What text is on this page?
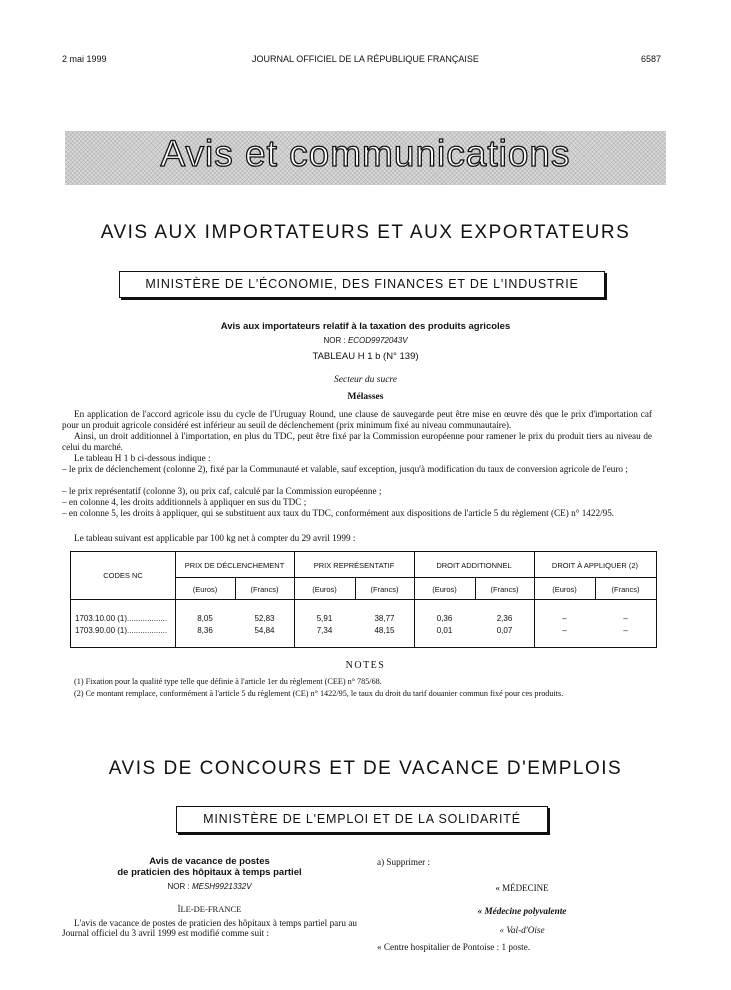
2 mai 1999	JOURNAL OFFICIEL DE LA RÉPUBLIQUE FRANÇAISE	6587
Avis et communications
AVIS AUX IMPORTATEURS ET AUX EXPORTATEURS
MINISTÈRE DE L'ÉCONOMIE, DES FINANCES ET DE L'INDUSTRIE
Avis aux importateurs relatif à la taxation des produits agricoles
NOR : ECOD9972043V
TABLEAU H 1 b (N° 139)
Secteur du sucre
Mélasses
En application de l'accord agricole issu du cycle de l'Uruguay Round, une clause de sauvegarde peut être mise en œuvre dès que le prix d'importation caf pour un produit agricole considéré est inférieur au seuil de déclenchement (prix minimum fixé au niveau communautaire).
Ainsi, un droit additionnel à l'importation, en plus du TDC, peut être fixé par la Commission européenne pour ramener le prix du produit tiers au niveau de celui du marché.
Le tableau H 1 b ci-dessous indique :
– le prix de déclenchement (colonne 2), fixé par la Communauté et valable, sauf exception, jusqu'à modification du taux de conversion agricole de l'euro ;
– le prix représentatif (colonne 3), ou prix caf, calculé par la Commission européenne ;
– en colonne 4, les droits additionnels à appliquer en sus du TDC ;
– en colonne 5, les droits à appliquer, qui se substituent aux taux du TDC, conformément aux dispositions de l'article 5 du règlement (CE) n° 1422/95.
Le tableau suivant est applicable par 100 kg net à compter du 29 avril 1999 :
CODES NC
PRIX DE DÉCLENCHEMENT	PRIX REPRÉSENTATIF	DROIT ADDITIONNEL	DROIT À APPLIQUER (2)
(Euros)	(Francs)	(Euros)	(Francs)	(Euros)	(Francs)	(Euros)	(Francs)
1703.10.00 (1)..................	8,05	52,83	5,91	38,77	0,36	2,36	–	–
1703.90.00 (1)..................	8,36	54,84	7,34	48,15	0,01	0,07	–	–
NOTES
(1) Fixation pour la qualité type telle que définie à l'article 1er du règlement (CEE) n° 785/68.
(2) Ce montant remplace, conformément à l'article 5 du règlement (CE) n° 1422/95, le taux du droit du tarif douanier commun fixé pour ces produits.
AVIS DE CONCOURS ET DE VACANCE D'EMPLOIS
MINISTÈRE DE L'EMPLOI ET DE LA SOLIDARITÉ
Avis de vacance de postes
de praticien des hôpitaux à temps partiel
NOR : MESH9921332V
ÎLE-DE-FRANCE
L'avis de vacance de postes de praticien des hôpitaux à temps partiel paru au Journal officiel du 3 avril 1999 est modifié comme suit :
a) Supprimer :
« MÉDECINE
« Médecine polyvalente
« Val-d'Oise
« Centre hospitalier de Pontoise : 1 poste.
